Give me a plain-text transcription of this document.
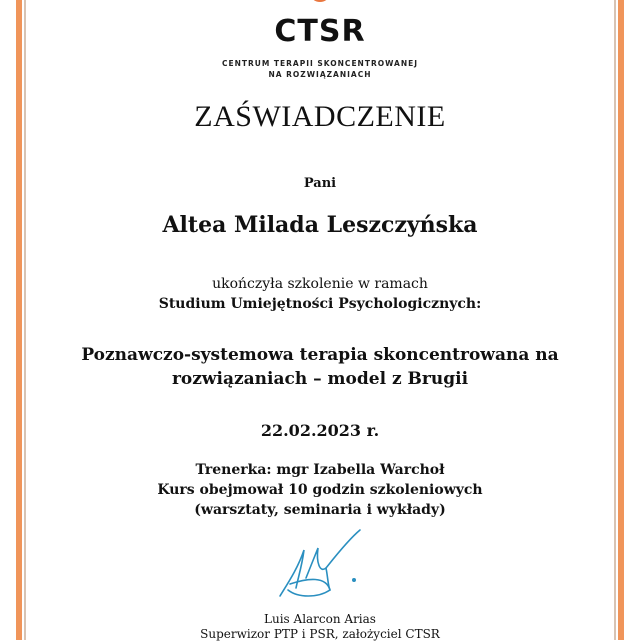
CTSR
CENTRUM TERAPII SKONCENTROWANEJ
NA ROZWIĄZANIACH
ZAŚWIADCZENIE
Pani
Altea Milada Leszczyńska
ukończyła szkolenie w ramach
Studium Umiejętności Psychologicznych:
Poznawczo-systemowa terapia skoncentrowana na
rozwiązaniach – model z Brugii
22.02.2023 r.
Trenerka: mgr Izabella Warchoł
Kurs obejmował 10 godzin szkoleniowych
(warsztaty, seminaria i wykłady)
Luis Alarcon Arias
Superwizor PTP i PSR, założyciel CTSR
